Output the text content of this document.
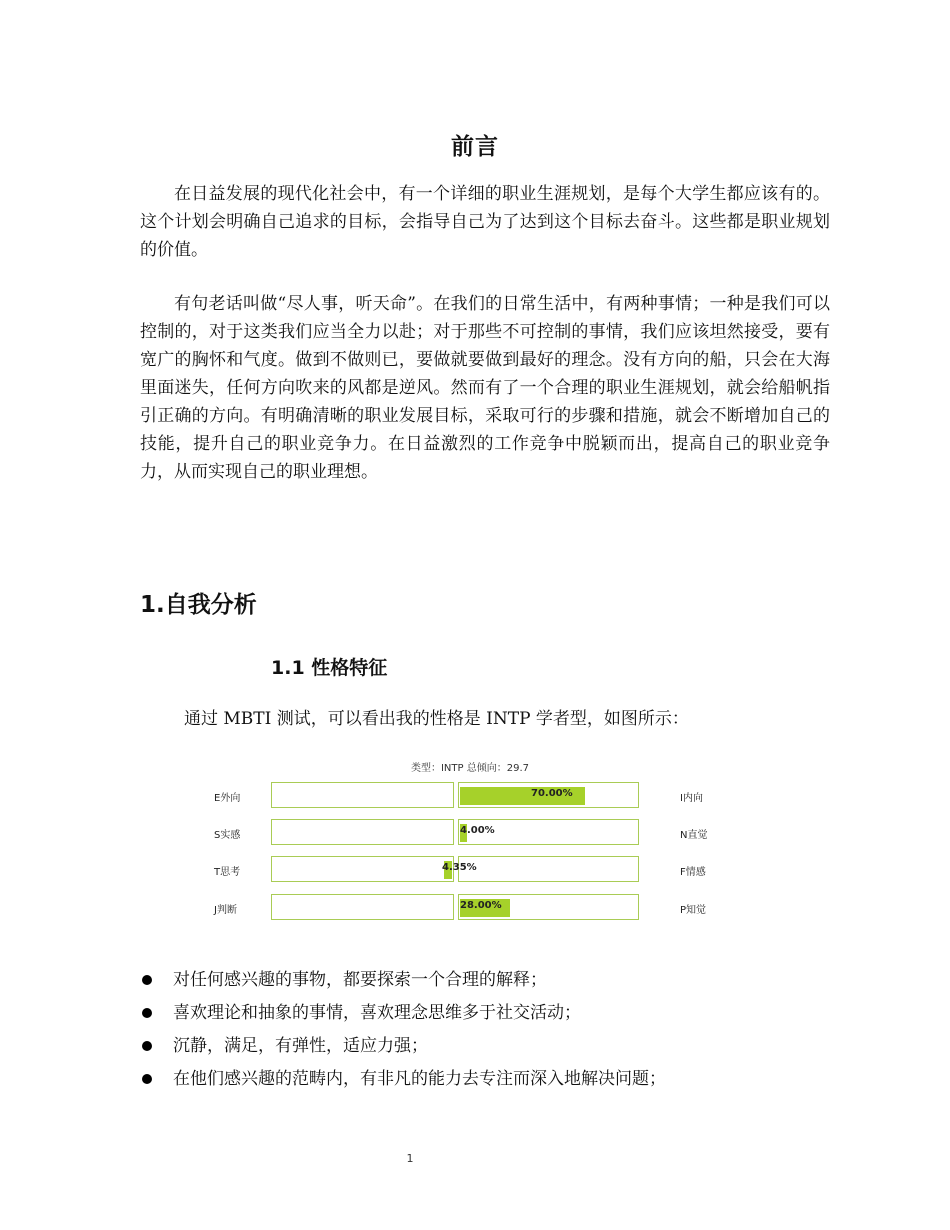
前言

在日益发展的现代化社会中，有一个详细的职业生涯规划，是每个大学生都应该有的。这个计划会明确自己追求的目标，会指导自己为了达到这个目标去奋斗。这些都是职业规划的价值。

有句老话叫做“尽人事，听天命”。在我们的日常生活中，有两种事情；一种是我们可以控制的，对于这类我们应当全力以赴；对于那些不可控制的事情，我们应该坦然接受，要有宽广的胸怀和气度。做到不做则已，要做就要做到最好的理念。没有方向的船，只会在大海里面迷失，任何方向吹来的风都是逆风。然而有了一个合理的职业生涯规划，就会给船帆指引正确的方向。有明确清晰的职业发展目标，采取可行的步骤和措施，就会不断增加自己的技能，提升自己的职业竞争力。在日益激烈的工作竞争中脱颖而出，提高自己的职业竞争力，从而实现自己的职业理想。

1.自我分析
1.1 性格特征
通过 MBTI 测试，可以看出我的性格是 INTP 学者型，如图所示：
类型：INTP 总倾向：29.7
E外向	70.00%	I内向
S实感	4.00%	N直觉
T思考	4.35%	F情感
J判断	28.00%	P知觉
对任何感兴趣的事物，都要探索一个合理的解释；
喜欢理论和抽象的事情，喜欢理念思维多于社交活动；
沉静，满足，有弹性，适应力强；
在他们感兴趣的范畴内，有非凡的能力去专注而深入地解决问题；
1
